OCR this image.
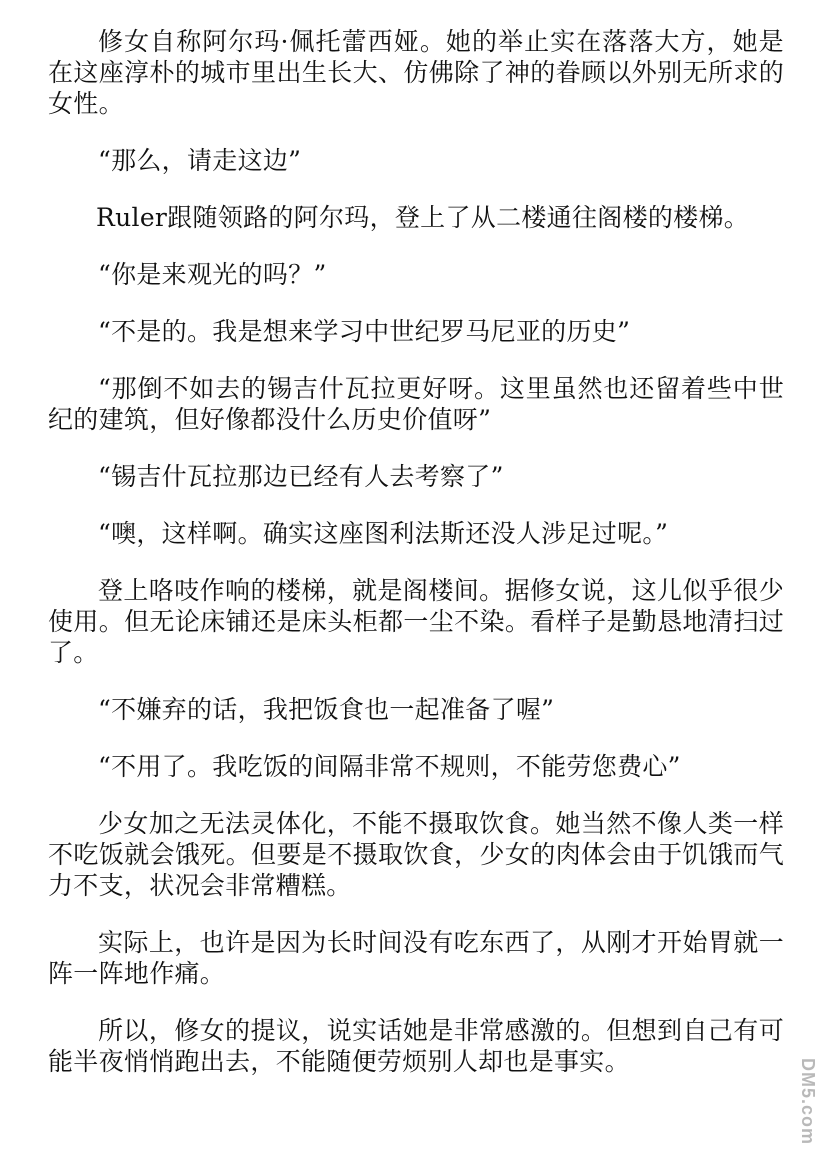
修女自称阿尔玛·佩托蕾西娅。她的举止实在落落大方，她是在这座淳朴的城市里出生长大、仿佛除了神的眷顾以外别无所求的女性。

“那么，请走这边”

Ruler跟随领路的阿尔玛，登上了从二楼通往阁楼的楼梯。

“你是来观光的吗？”

“不是的。我是想来学习中世纪罗马尼亚的历史”

“那倒不如去的锡吉什瓦拉更好呀。这里虽然也还留着些中世纪的建筑，但好像都没什么历史价值呀”

“锡吉什瓦拉那边已经有人去考察了”

“噢，这样啊。确实这座图利法斯还没人涉足过呢。”

登上咯吱作响的楼梯，就是阁楼间。据修女说，这儿似乎很少使用。但无论床铺还是床头柜都一尘不染。看样子是勤恳地清扫过了。

“不嫌弃的话，我把饭食也一起准备了喔”

“不用了。我吃饭的间隔非常不规则，不能劳您费心”

少女加之无法灵体化，不能不摄取饮食。她当然不像人类一样不吃饭就会饿死。但要是不摄取饮食，少女的肉体会由于饥饿而气力不支，状况会非常糟糕。

实际上，也许是因为长时间没有吃东西了，从刚才开始胃就一阵一阵地作痛。

所以，修女的提议，说实话她是非常感激的。但想到自己有可能半夜悄悄跑出去，不能随便劳烦别人却也是事实。	DM5.com
